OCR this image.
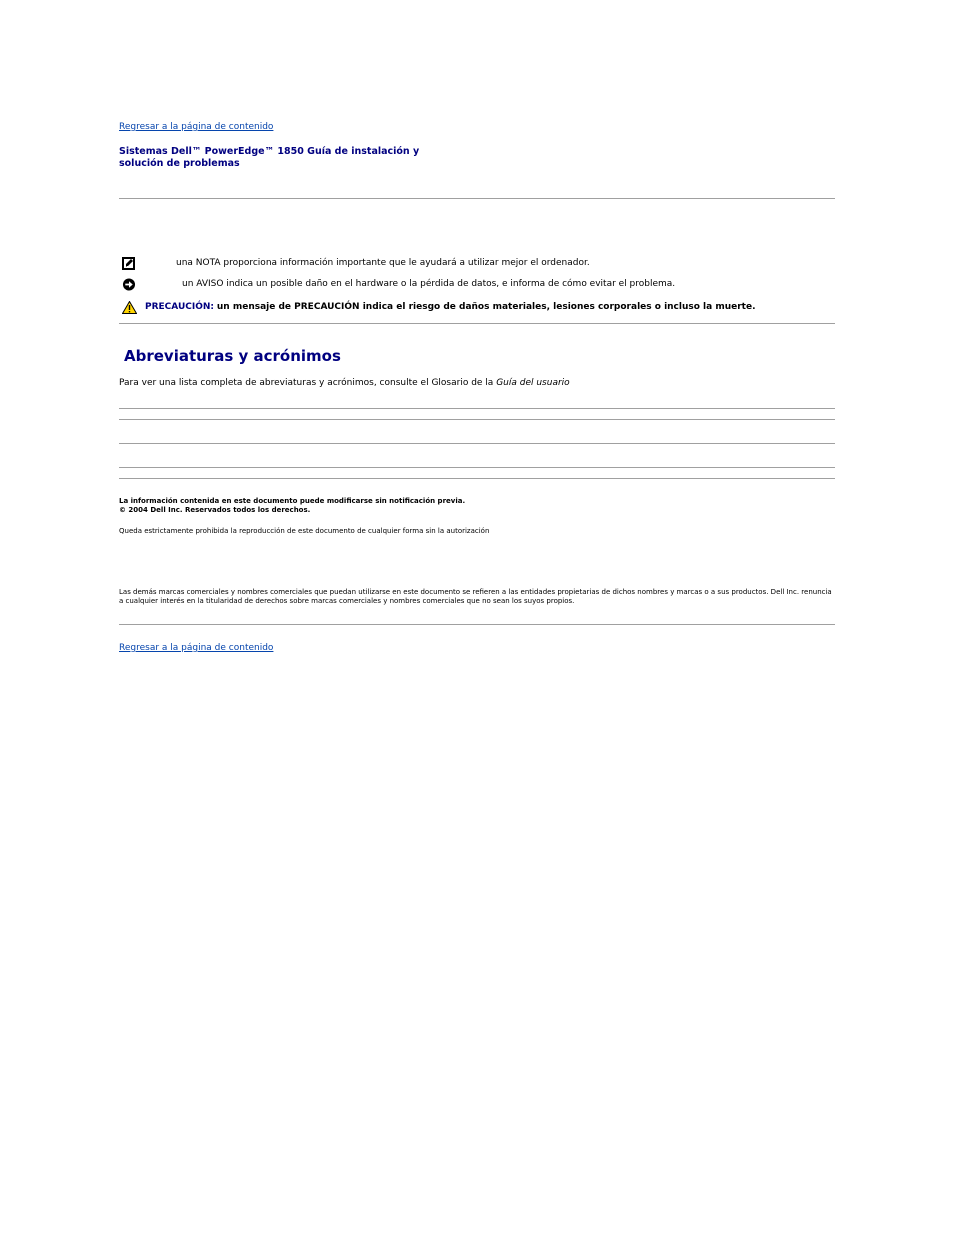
Regresar a la página de contenido
Sistemas Dell™ PowerEdge™ 1850 Guía de instalación y solución de problemas
una NOTA proporciona información importante que le ayudará a utilizar mejor el ordenador.
un AVISO indica un posible daño en el hardware o la pérdida de datos, e informa de cómo evitar el problema.
PRECAUCIÓN: un mensaje de PRECAUCIÓN indica el riesgo de daños materiales, lesiones corporales o incluso la muerte.
Abreviaturas y acrónimos
Para ver una lista completa de abreviaturas y acrónimos, consulte el Glosario de la Guía del usuario
La información contenida en este documento puede modificarse sin notificación previa.
© 2004 Dell Inc. Reservados todos los derechos.
Queda estrictamente prohibida la reproducción de este documento de cualquier forma sin la autorización
Las demás marcas comerciales y nombres comerciales que puedan utilizarse en este documento se refieren a las entidades propietarias de dichos nombres y marcas o a sus productos. Dell Inc. renuncia a cualquier interés en la titularidad de derechos sobre marcas comerciales y nombres comerciales que no sean los suyos propios.
Regresar a la página de contenido
